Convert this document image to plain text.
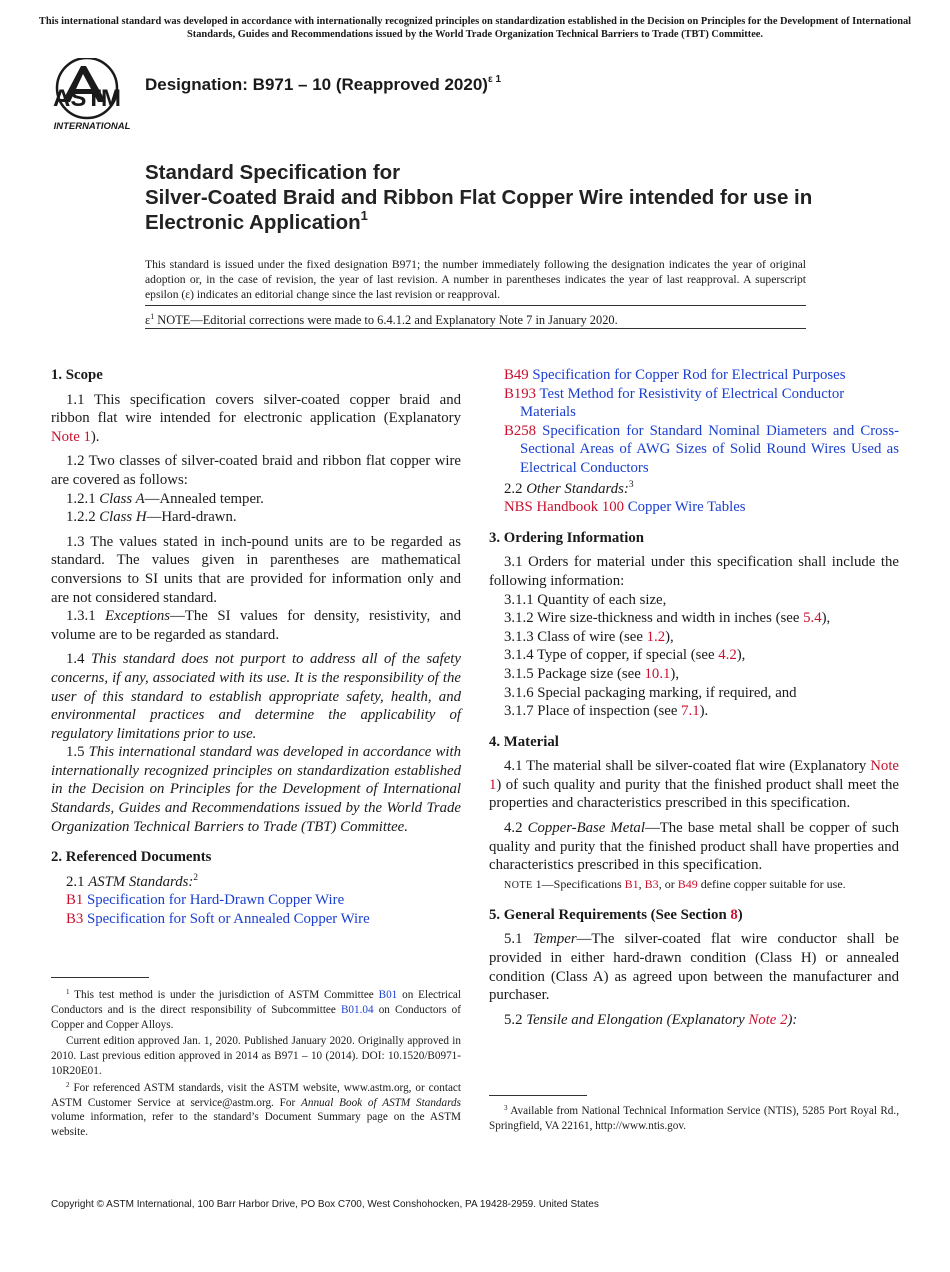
This international standard was developed in accordance with internationally recognized principles on standardization established in the Decision on Principles for the Development of International Standards, Guides and Recommendations issued by the World Trade Organization Technical Barriers to Trade (TBT) Committee.
ASTM
INTERNATIONAL
Designation: B971 – 10 (Reapproved 2020)$^{\varepsilon 1}$
Standard Specification for
Silver-Coated Braid and Ribbon Flat Copper Wire intended for use in Electronic Application$^1$
This standard is issued under the fixed designation B971; the number immediately following the designation indicates the year of original adoption or, in the case of revision, the year of last revision. A number in parentheses indicates the year of last reapproval. A superscript epsilon (ε) indicates an editorial change since the last revision or reapproval.
$\varepsilon^1$ NOTE—Editorial corrections were made to 6.4.1.2 and Explanatory Note 7 in January 2020.

1. Scope

1.1 This specification covers silver-coated copper braid and ribbon flat wire intended for electronic application (Explanatory Note 1).

1.2 Two classes of silver-coated braid and ribbon flat copper wire are covered as follows:

1.2.1 Class A—Annealed temper.

1.2.2 Class H—Hard-drawn.

1.3 The values stated in inch-pound units are to be regarded as standard. The values given in parentheses are mathematical conversions to SI units that are provided for information only and are not considered standard.

1.3.1 Exceptions—The SI values for density, resistivity, and volume are to be regarded as standard.

1.4 This standard does not purport to address all of the safety concerns, if any, associated with its use. It is the responsibility of the user of this standard to establish appropriate safety, health, and environmental practices and determine the applicability of regulatory limitations prior to use.

1.5 This international standard was developed in accordance with internationally recognized principles on standardization established in the Decision on Principles for the Development of International Standards, Guides and Recommendations issued by the World Trade Organization Technical Barriers to Trade (TBT) Committee.

2. Referenced Documents

2.1 ASTM Standards:$^2$

B1 Specification for Hard-Drawn Copper Wire

B3 Specification for Soft or Annealed Copper Wire

$^1$ This test method is under the jurisdiction of ASTM Committee B01 on Electrical Conductors and is the direct responsibility of Subcommittee B01.04 on Conductors of Copper and Copper Alloys.

Current edition approved Jan. 1, 2020. Published January 2020. Originally approved in 2010. Last previous edition approved in 2014 as B971 – 10 (2014). DOI: 10.1520/B0971-10R20E01.

$^2$ For referenced ASTM standards, visit the ASTM website, www.astm.org, or contact ASTM Customer Service at service@astm.org. For Annual Book of ASTM Standards volume information, refer to the standard’s Document Summary page on the ASTM website.

B49 Specification for Copper Rod for Electrical Purposes

B193 Test Method for Resistivity of Electrical Conductor Materials

B258 Specification for Standard Nominal Diameters and Cross-Sectional Areas of AWG Sizes of Solid Round Wires Used as Electrical Conductors

2.2 Other Standards:$^3$

NBS Handbook 100 Copper Wire Tables

3. Ordering Information

3.1 Orders for material under this specification shall include the following information:

3.1.1 Quantity of each size,

3.1.2 Wire size-thickness and width in inches (see 5.4),

3.1.3 Class of wire (see 1.2),

3.1.4 Type of copper, if special (see 4.2),

3.1.5 Package size (see 10.1),

3.1.6 Special packaging marking, if required, and

3.1.7 Place of inspection (see 7.1).

4. Material

4.1 The material shall be silver-coated flat wire (Explanatory Note 1) of such quality and purity that the finished product shall meet the properties and characteristics prescribed in this specification.

4.2 Copper-Base Metal—The base metal shall be copper of such quality and purity that the finished product shall have properties and characteristics prescribed in this specification.

NOTE 1—Specifications B1, B3, or B49 define copper suitable for use.

5. General Requirements (See Section 8)

5.1 Temper—The silver-coated flat wire conductor shall be provided in either hard-drawn condition (Class H) or annealed condition (Class A) as agreed upon between the manufacturer and purchaser.

5.2 Tensile and Elongation (Explanatory Note 2):

$^3$ Available from National Technical Information Service (NTIS), 5285 Port Royal Rd., Springfield, VA 22161, http://www.ntis.gov.

Copyright © ASTM International, 100 Barr Harbor Drive, PO Box C700, West Conshohocken, PA 19428-2959. United States
